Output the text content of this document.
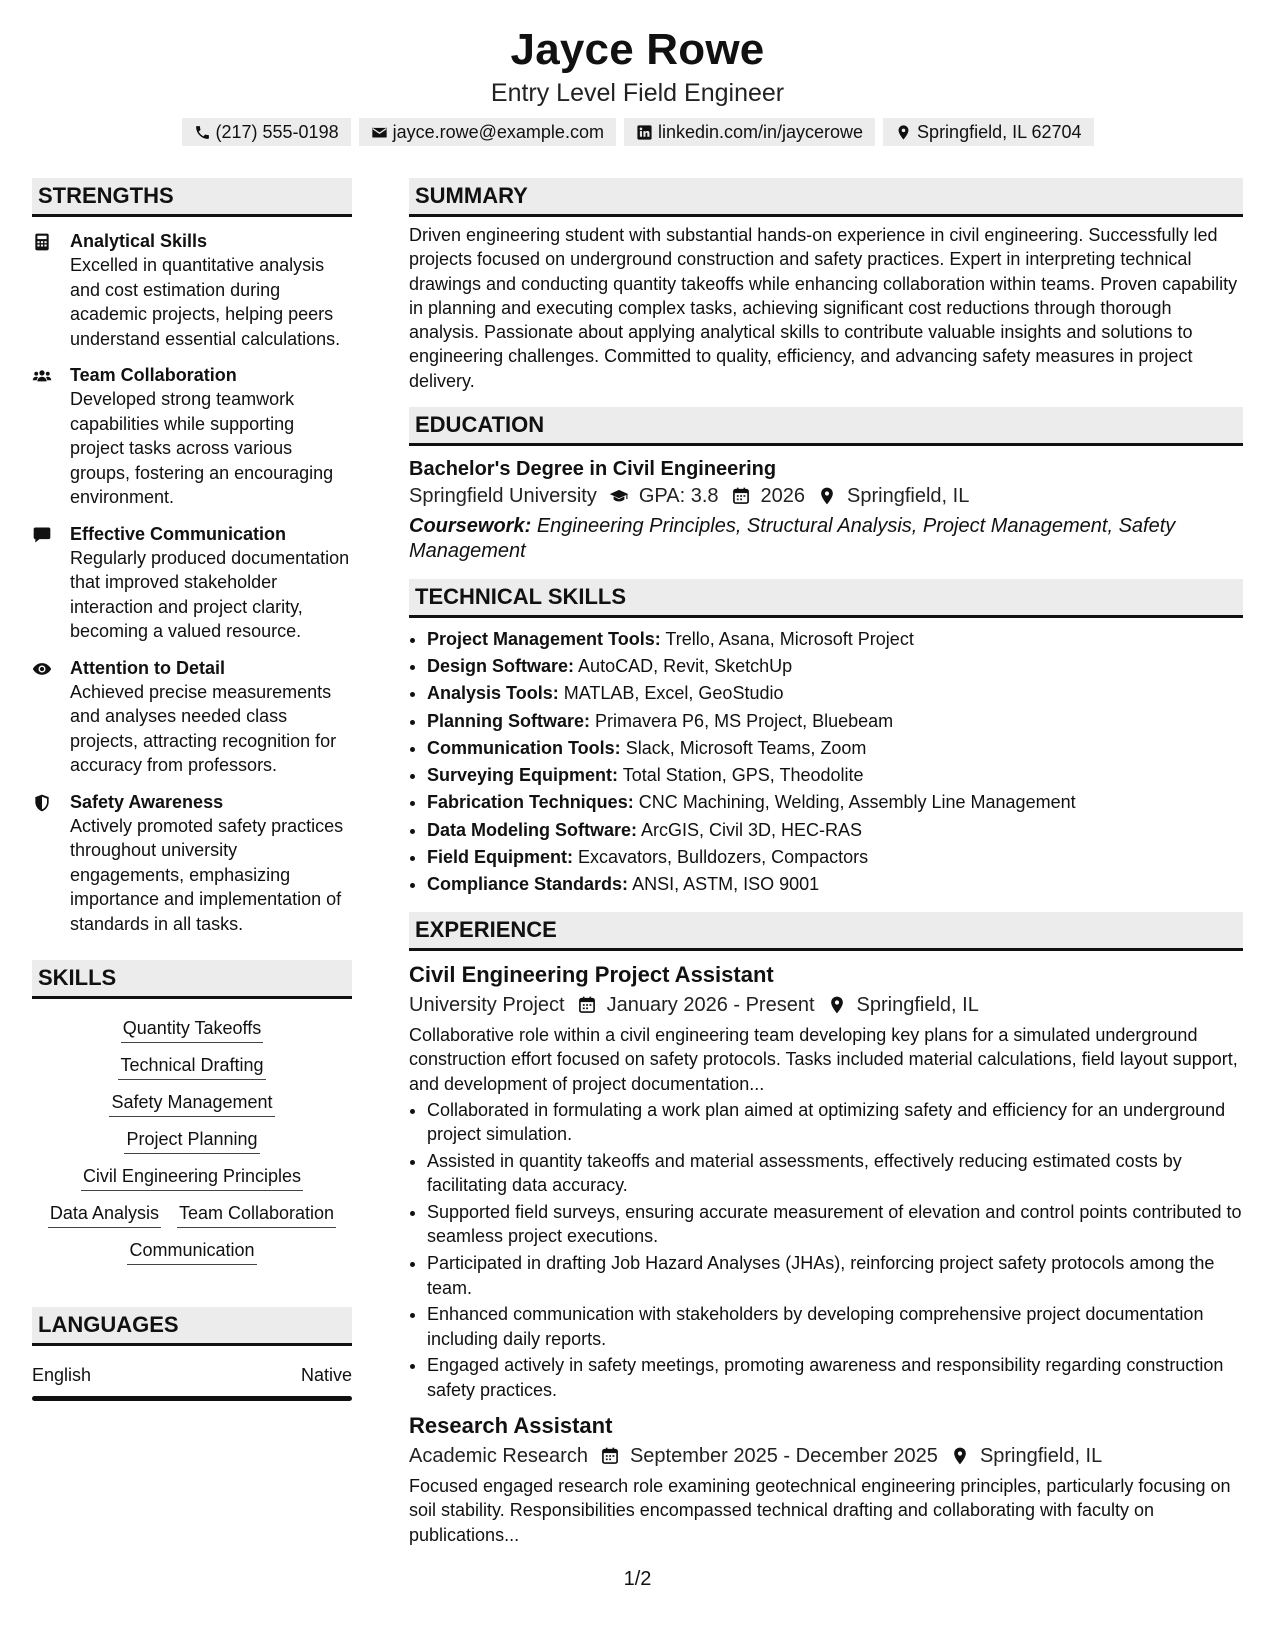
Jayce Rowe
Entry Level Field Engineer
(217) 555-0198	jayce.rowe@example.com	linkedin.com/in/jaycerowe	Springfield, IL 62704
STRENGTHS
Analytical Skills
Excelled in quantitative analysis and cost estimation during academic projects, helping peers understand essential calculations.
Team Collaboration
Developed strong teamwork capabilities while supporting project tasks across various groups, fostering an encouraging environment.
Effective Communication
Regularly produced documentation that improved stakeholder interaction and project clarity, becoming a valued resource.
Attention to Detail
Achieved precise measurements and analyses needed class projects, attracting recognition for accuracy from professors.
Safety Awareness
Actively promoted safety practices throughout university engagements, emphasizing importance and implementation of standards in all tasks.
SKILLS
Quantity Takeoffs
Technical Drafting
Safety Management
Project Planning
Civil Engineering Principles
Data Analysis Team Collaboration
Communication
LANGUAGES
English	Native
SUMMARY
Driven engineering student with substantial hands-on experience in civil engineering. Successfully led projects focused on underground construction and safety practices. Expert in interpreting technical drawings and conducting quantity takeoffs while enhancing collaboration within teams. Proven capability in planning and executing complex tasks, achieving significant cost reductions through thorough analysis. Passionate about applying analytical skills to contribute valuable insights and solutions to engineering challenges. Committed to quality, efficiency, and advancing safety measures in project delivery.
EDUCATION
Bachelor's Degree in Civil Engineering
Springfield University GPA: 3.8 2026 Springfield, IL
Coursework: Engineering Principles, Structural Analysis, Project Management, Safety Management
TECHNICAL SKILLS
• Project Management Tools: Trello, Asana, Microsoft Project
• Design Software: AutoCAD, Revit, SketchUp
• Analysis Tools: MATLAB, Excel, GeoStudio
• Planning Software: Primavera P6, MS Project, Bluebeam
• Communication Tools: Slack, Microsoft Teams, Zoom
• Surveying Equipment: Total Station, GPS, Theodolite
• Fabrication Techniques: CNC Machining, Welding, Assembly Line Management
• Data Modeling Software: ArcGIS, Civil 3D, HEC-RAS
• Field Equipment: Excavators, Bulldozers, Compactors
• Compliance Standards: ANSI, ASTM, ISO 9001
EXPERIENCE
Civil Engineering Project Assistant
University Project January 2026 - Present Springfield, IL
Collaborative role within a civil engineering team developing key plans for a simulated underground construction effort focused on safety protocols. Tasks included material calculations, field layout support, and development of project documentation...
• Collaborated in formulating a work plan aimed at optimizing safety and efficiency for an underground project simulation.
• Assisted in quantity takeoffs and material assessments, effectively reducing estimated costs by facilitating data accuracy.
• Supported field surveys, ensuring accurate measurement of elevation and control points contributed to seamless project executions.
• Participated in drafting Job Hazard Analyses (JHAs), reinforcing project safety protocols among the team.
• Enhanced communication with stakeholders by developing comprehensive project documentation including daily reports.
• Engaged actively in safety meetings, promoting awareness and responsibility regarding construction safety practices.
Research Assistant
Academic Research September 2025 - December 2025 Springfield, IL
Focused engaged research role examining geotechnical engineering principles, particularly focusing on soil stability. Responsibilities encompassed technical drafting and collaborating with faculty on publications...
1/2
